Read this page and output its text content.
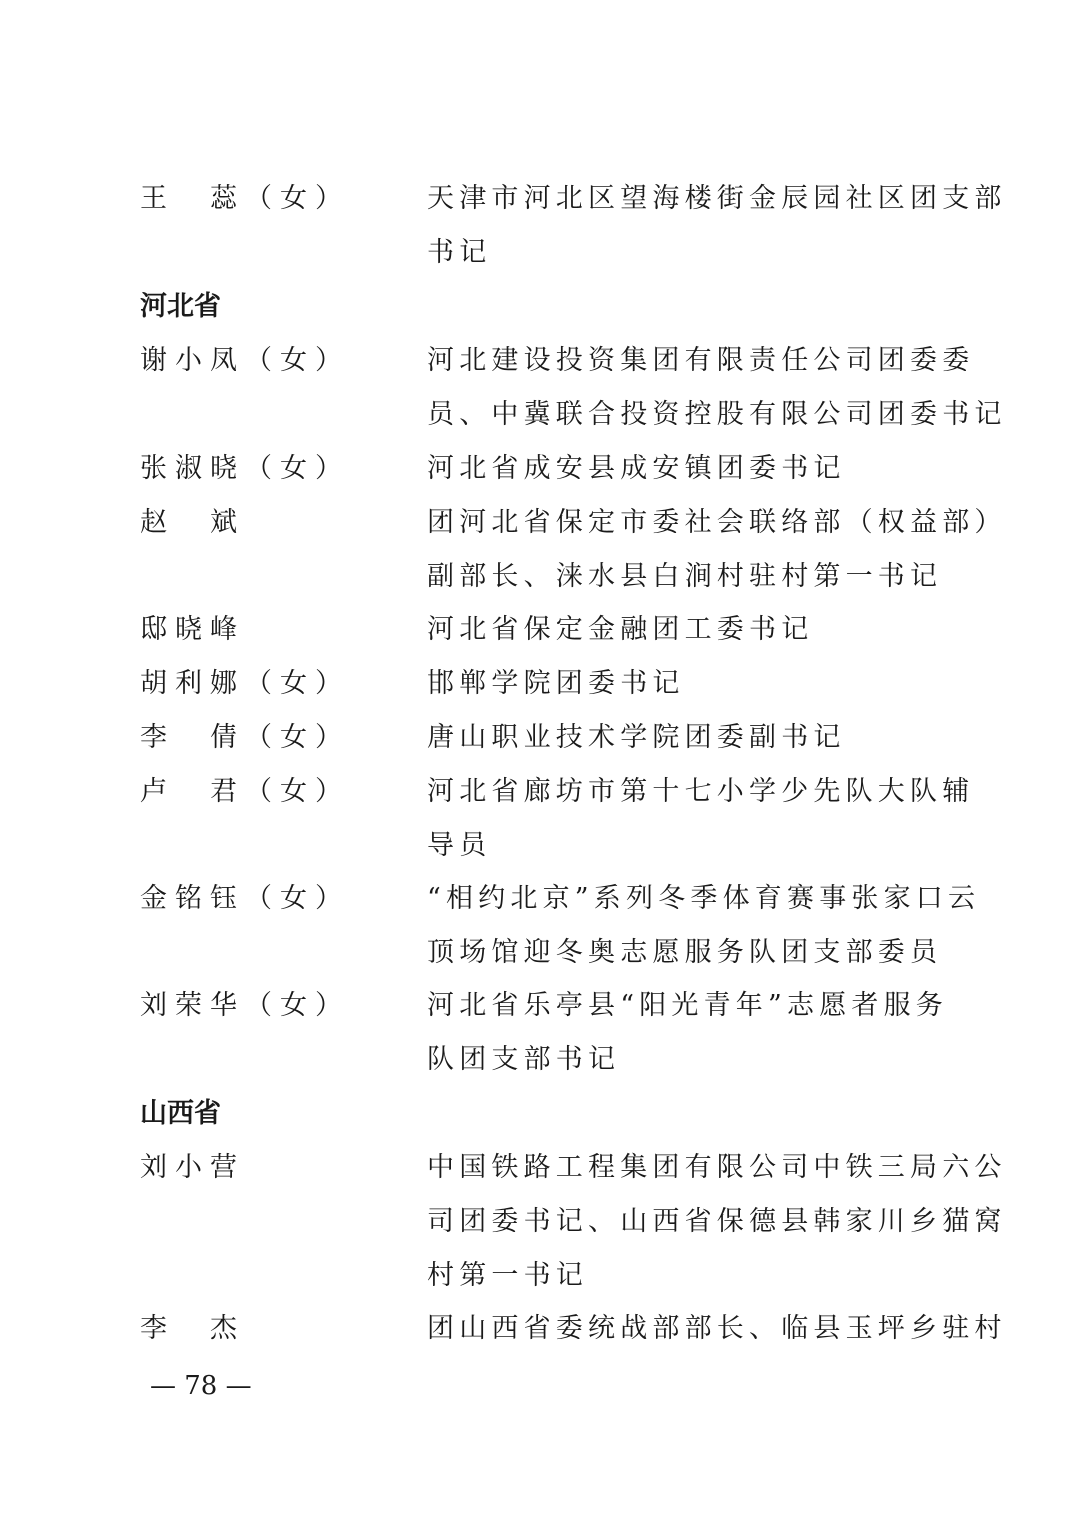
王　蕊（女）	天津市河北区望海楼街金辰园社区团支部
书记
河北省
谢小凤（女）	河北建设投资集团有限责任公司团委委
员、中冀联合投资控股有限公司团委书记
张淑晓（女）	河北省成安县成安镇团委书记
赵　斌	团河北省保定市委社会联络部（权益部）
副部长、涞水县白涧村驻村第一书记
邸晓峰	河北省保定金融团工委书记
胡利娜（女）	邯郸学院团委书记
李　倩（女）	唐山职业技术学院团委副书记
卢　君（女）	河北省廊坊市第十七小学少先队大队辅
导员
金铭钰（女）	“相约北京”系列冬季体育赛事张家口云
顶场馆迎冬奥志愿服务队团支部委员
刘荣华（女）	河北省乐亭县“阳光青年”志愿者服务
队团支部书记
山西省
刘小营	中国铁路工程集团有限公司中铁三局六公
司团委书记、山西省保德县韩家川乡猫窝
村第一书记
李　杰	团山西省委统战部部长、临县玉坪乡驻村
— 78 —
